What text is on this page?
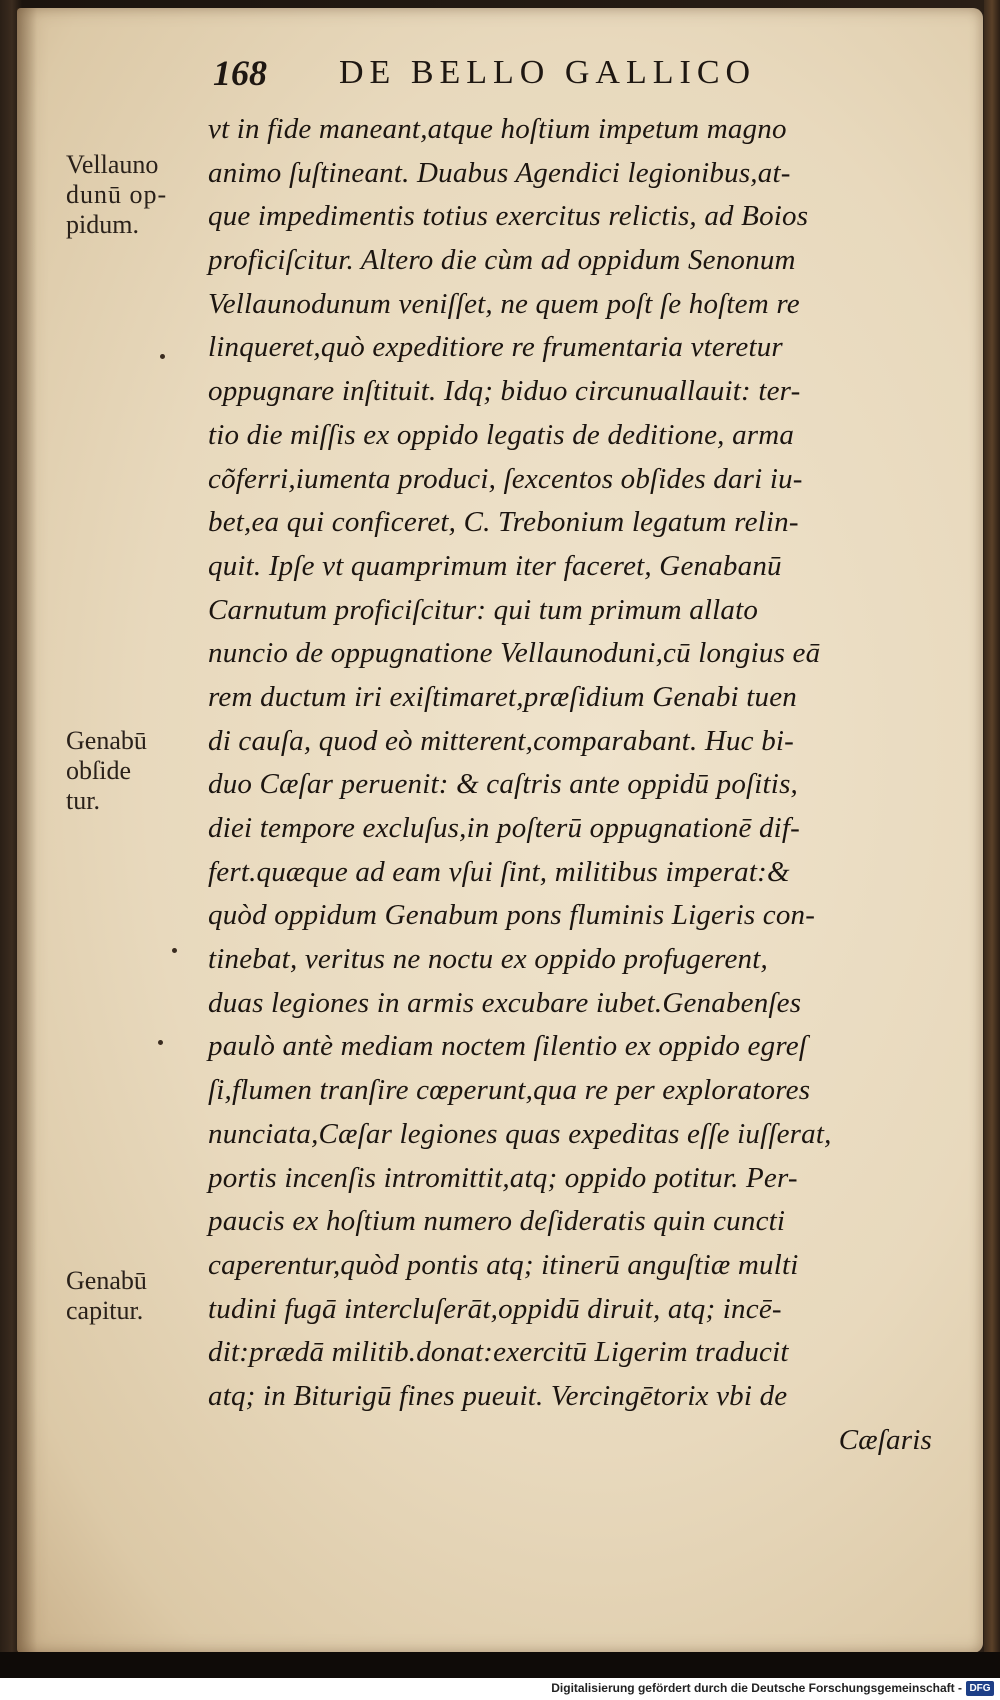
168 DE BELLO GALLICO
Vellauno
dunū op-
pidum.
Genabū
obſide
tur.
Genabū
capitur.
vt in fide maneant,atque hoſtium impetum magno
animo ſuſtineant. Duabus Agendici legionibus,at-
que impedimentis totius exercitus relictis, ad Boios
proficiſcitur. Altero die cùm ad oppidum Senonum
Vellaunodunum veniſſet, ne quem poſt ſe hoſtem re
linqueret,quò expeditiore re frumentaria vteretur
oppugnare inſtituit. Idq; biduo circunuallauit: ter-
tio die miſſis ex oppido legatis de deditione, arma
cõferri,iumenta produci, ſexcentos obſides dari iu-
bet,ea qui conficeret, C. Trebonium legatum relin-
quit. Ipſe vt quamprimum iter faceret, Genabanū
Carnutum proficiſcitur: qui tum primum allato
nuncio de oppugnatione Vellaunoduni,cū longius eā
rem ductum iri exiſtimaret,præſidium Genabi tuen
di cauſa, quod eò mitterent,comparabant. Huc bi-
duo Cæſar peruenit: & caſtris ante oppidū poſitis,
diei tempore excluſus,in poſterū oppugnationē dif-
fert.quæque ad eam vſui ſint, militibus imperat:&
quòd oppidum Genabum pons fluminis Ligeris con-
tinebat, veritus ne noctu ex oppido profugerent,
duas legiones in armis excubare iubet.Genabenſes
paulò antè mediam noctem ſilentio ex oppido egreſ
ſi,flumen tranſire cœperunt,qua re per exploratores
nunciata,Cæſar legiones quas expeditas eſſe iuſſerat,
portis incenſis intromittit,atq; oppido potitur. Per-
paucis ex hoſtium numero deſideratis quin cuncti
caperentur,quòd pontis atq; itinerū anguſtiæ multi
tudini fugā intercluſerāt,oppidū diruit, atq; incē-
dit:prædā militib.donat:exercitū Ligerim traducit
atq; in Biturigū fines pueuit. Vercingētorix vbi de
Cæſaris
Digitalisierung gefördert durch die Deutsche Forschungsgemeinschaft - DFG
